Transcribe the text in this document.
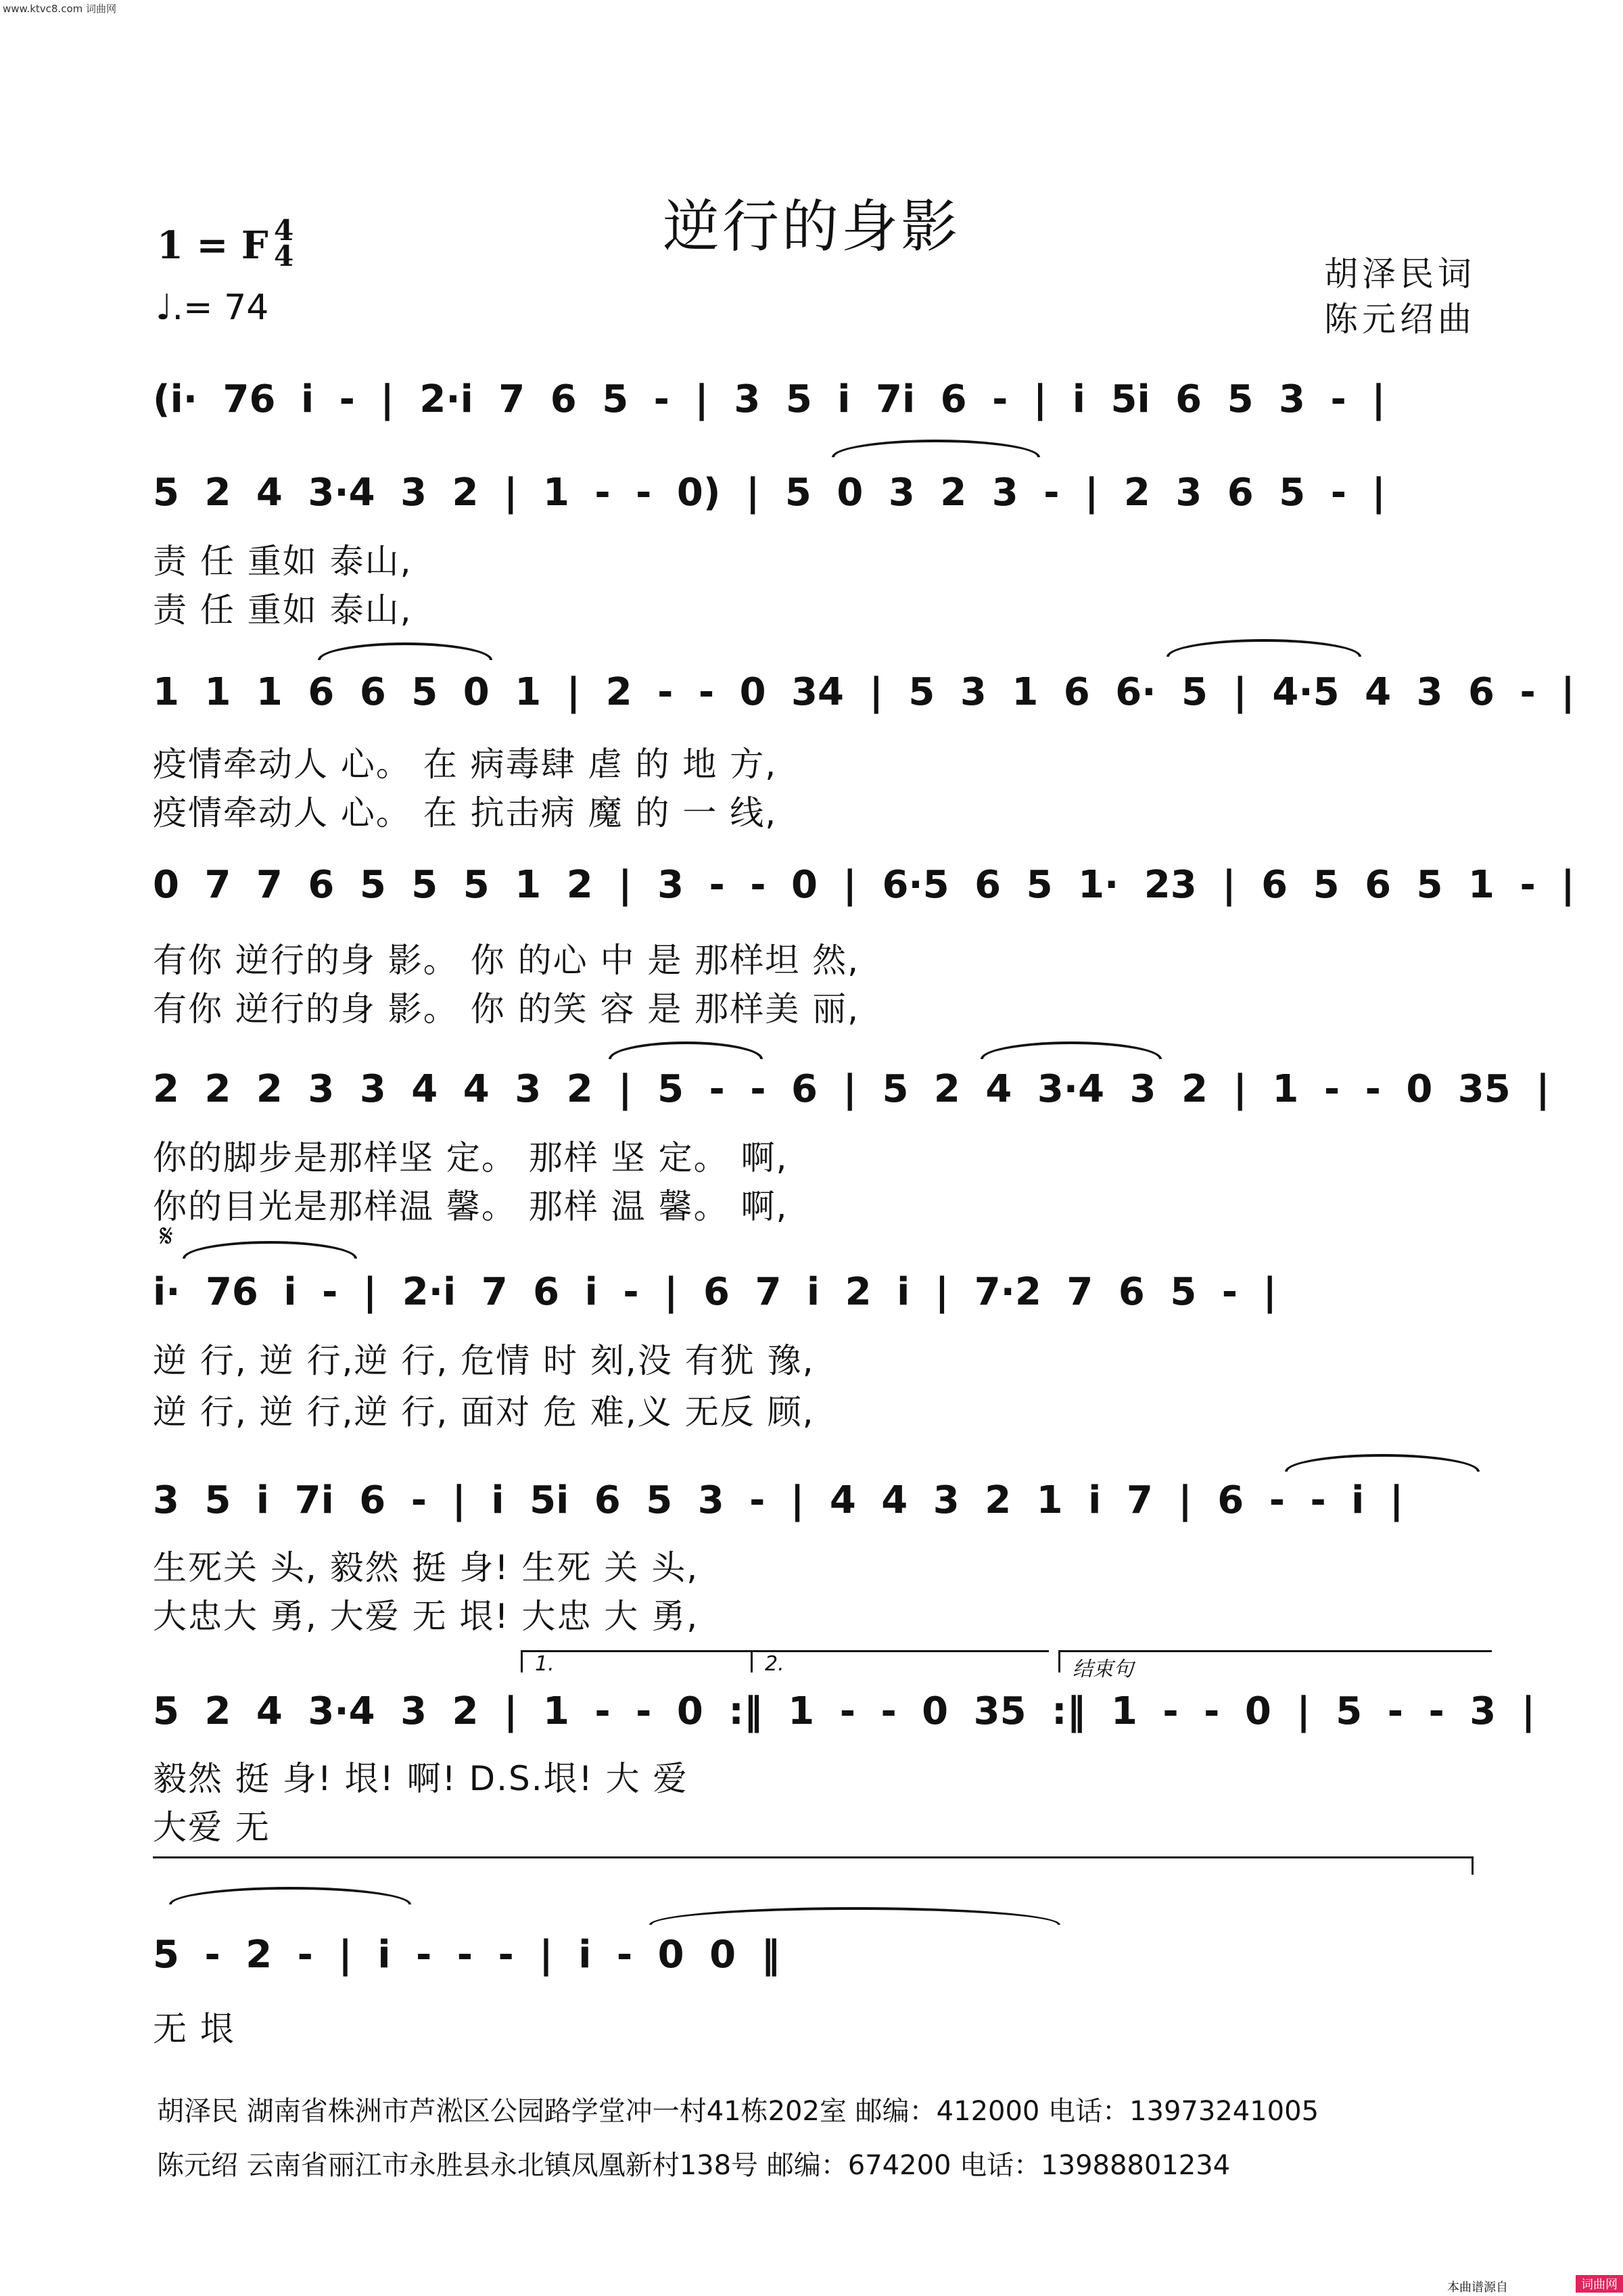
www.ktvc8.com 词曲网
逆行的身影
1 = F 4
4
♩.= 74
胡泽民词
陈元绍曲
(i· 76 i - | 2·i 7 6 5 - | 3 5 i 7i 6 - | i 5i 6 5 3 - |
5 2 4 3·4 3 2 | 1 - - 0) | 5 0 3 2 3 - | 2 3 6 5 - |
责 任 重如 泰山,
责 任 重如 泰山,
1 1 1 6 6 5 0 1 | 2 - - 0 34 | 5 3 1 6 6· 5 | 4·5 4 3 6 - |
疫情牵动人 心。 在 病毒肆 虐 的 地 方,
疫情牵动人 心。 在 抗击病 魔 的 一 线,
0 7 7 6 5 5 5 1 2 | 3 - - 0 | 6·5 6 5 1· 23 | 6 5 6 5 1 - |
有你 逆行的身 影。 你 的心 中 是 那样坦 然,
有你 逆行的身 影。 你 的笑 容 是 那样美 丽,
2 2 2 3 3 4 4 3 2 | 5 - - 6 | 5 2 4 3·4 3 2 | 1 - - 0 35 |
你的脚步是那样坚 定。 那样 坚 定。 啊,
你的目光是那样温 馨。 那样 温 馨。 啊,
𝄋
i· 76 i - | 2·i 7 6 i - | 6 7 i 2 i | 7·2 7 6 5 - |
逆 行, 逆 行,逆 行, 危情 时 刻,没 有犹 豫,
逆 行, 逆 行,逆 行, 面对 危 难,义 无反 顾,
3 5 i 7i 6 - | i 5i 6 5 3 - | 4 4 3 2 1 i 7 | 6 - - i |
生死关 头, 毅然 挺 身! 生死 关 头,
大忠大 勇, 大爱 无 垠! 大忠 大 勇,
1.	2.	结束句
5 2 4 3·4 3 2 | 1 - - 0 :‖ 1 - - 0 35 :‖ 1 - - 0 | 5 - - 3 |
毅然 挺 身! 垠! 啊! D.S.垠! 大 爱
大爱 无
5 - 2 - | i - - - | i - 0 0 ‖
无 垠
胡泽民 湖南省株洲市芦淞区公园路学堂冲一村41栋202室 邮编：412000 电话：13973241005
陈元绍 云南省丽江市永胜县永北镇凤凰新村138号 邮编：674200 电话：13988801234
本曲谱源自	词曲网
